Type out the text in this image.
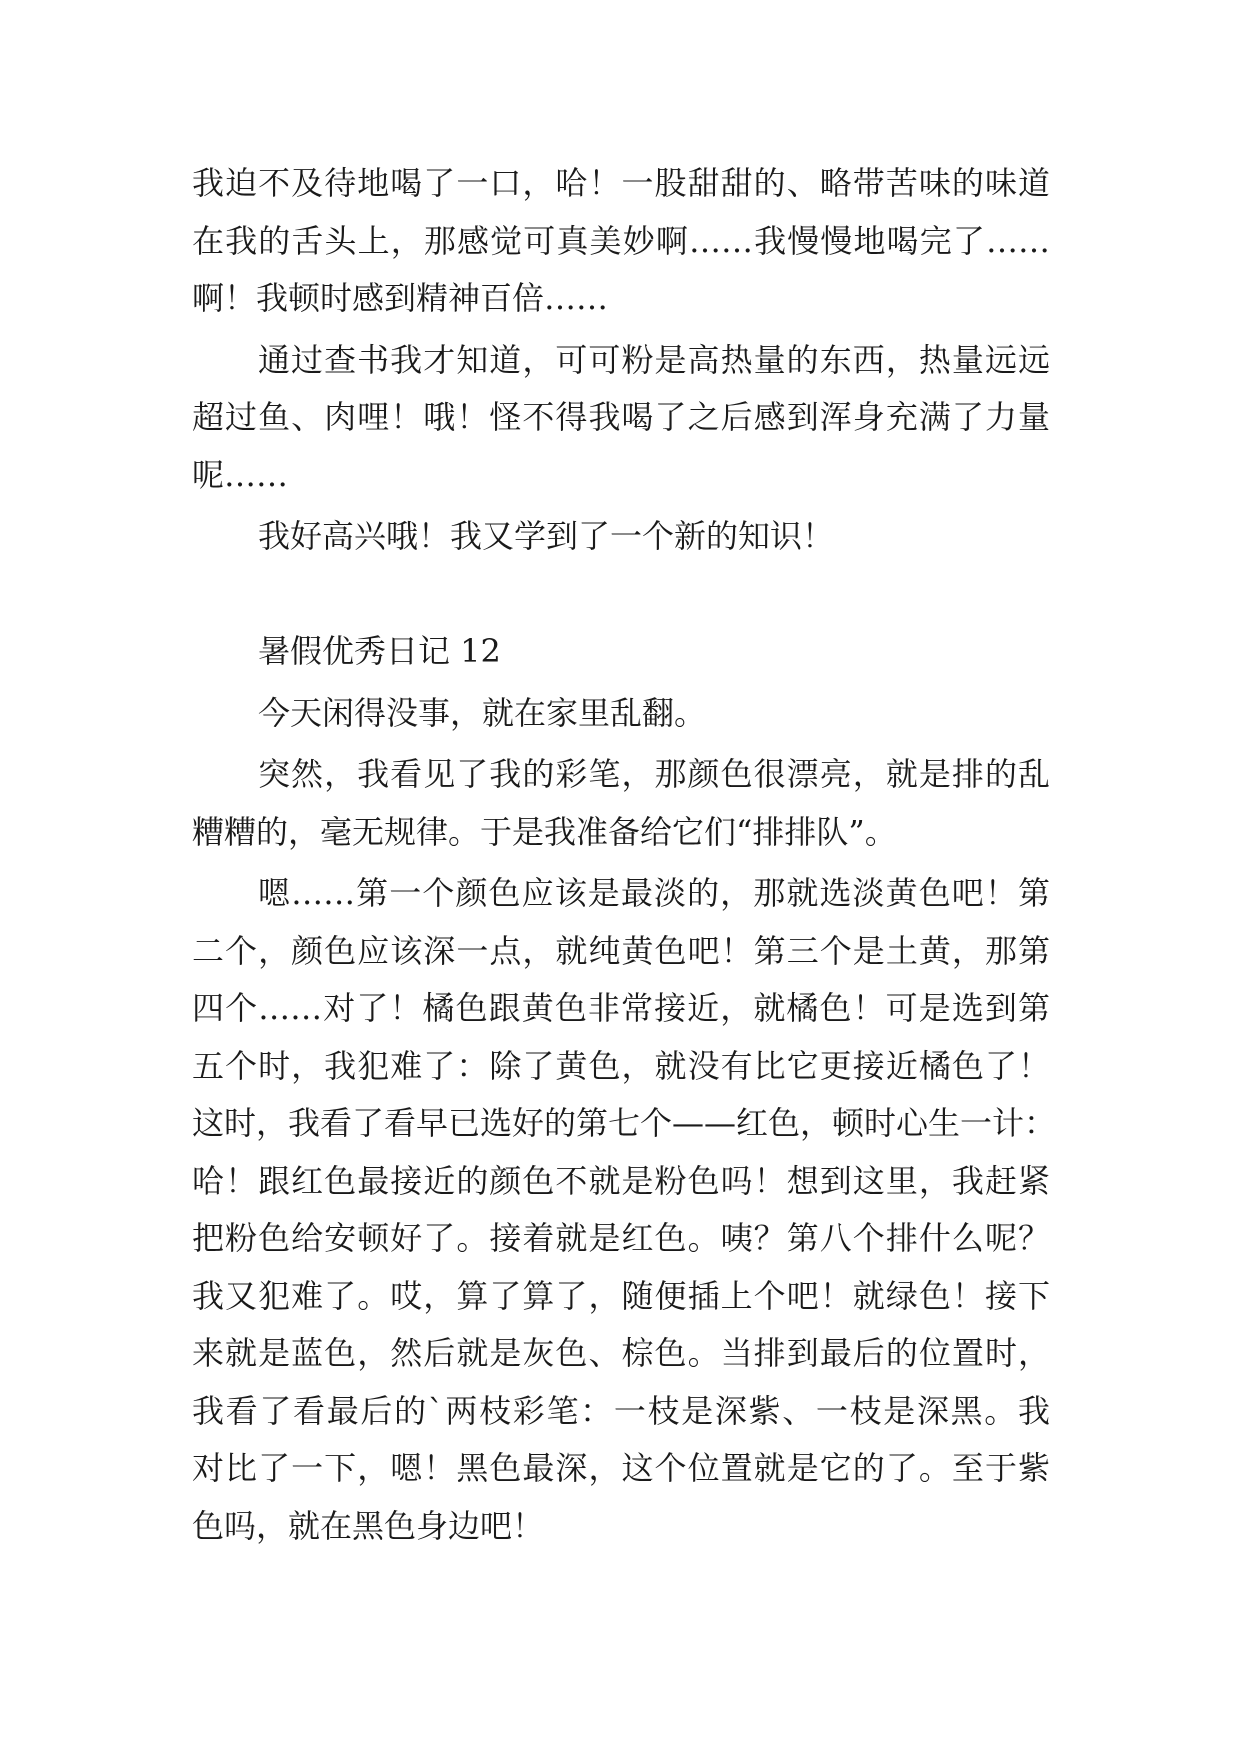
我迫不及待地喝了一口，哈！一股甜甜的、略带苦味的味道
在我的舌头上，那感觉可真美妙啊……我慢慢地喝完了……
啊！我顿时感到精神百倍……
通过查书我才知道，可可粉是高热量的东西，热量远远
超过鱼、肉哩！哦！怪不得我喝了之后感到浑身充满了力量
呢……
我好高兴哦！我又学到了一个新的知识！
暑假优秀日记 12
今天闲得没事，就在家里乱翻。
突然，我看见了我的彩笔，那颜色很漂亮，就是排的乱
糟糟的，毫无规律。于是我准备给它们“排排队”。
嗯……第一个颜色应该是最淡的，那就选淡黄色吧！第
二个，颜色应该深一点，就纯黄色吧！第三个是土黄，那第
四个……对了！橘色跟黄色非常接近，就橘色！可是选到第
五个时，我犯难了：除了黄色，就没有比它更接近橘色了！
这时，我看了看早已选好的第七个——红色，顿时心生一计：
哈！跟红色最接近的颜色不就是粉色吗！想到这里，我赶紧
把粉色给安顿好了。接着就是红色。咦？第八个排什么呢？
我又犯难了。哎，算了算了，随便插上个吧！就绿色！接下
来就是蓝色，然后就是灰色、棕色。当排到最后的位置时，
我看了看最后的`两枝彩笔：一枝是深紫、一枝是深黑。我
对比了一下，嗯！黑色最深，这个位置就是它的了。至于紫
色吗，就在黑色身边吧！
